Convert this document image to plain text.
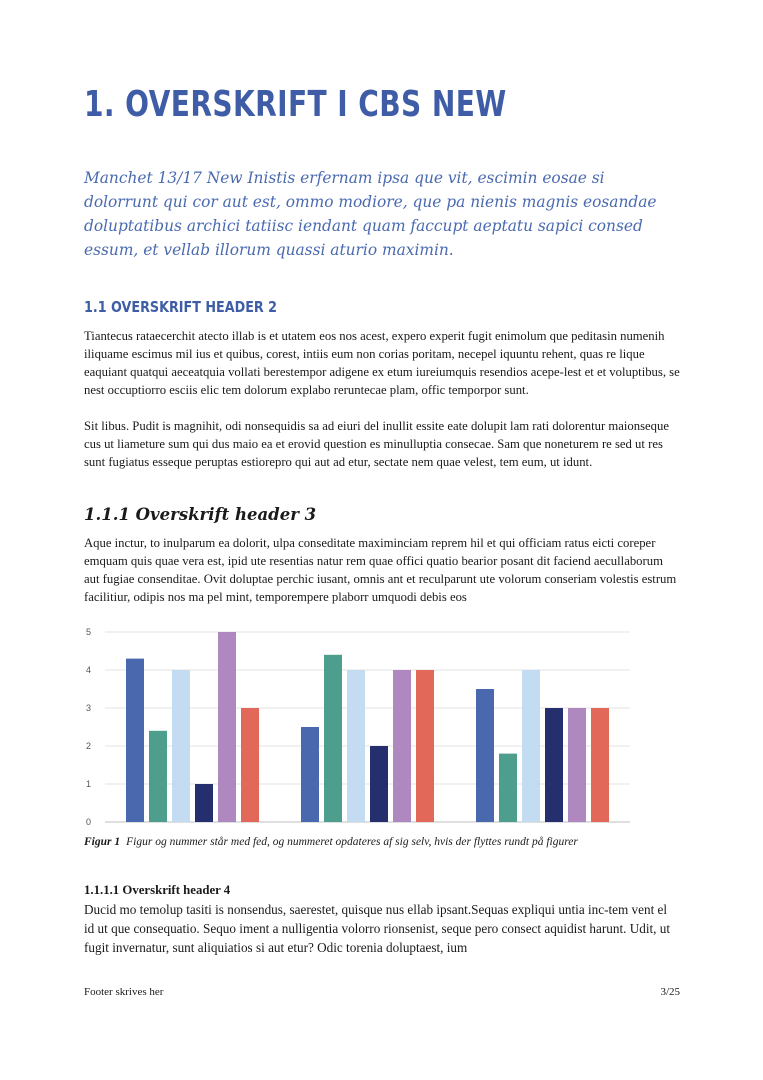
1. OVERSKRIFT I CBS NEW

Manchet 13/17 New Inistis erfernam ipsa que vit, escimin eosae si dolorrunt qui cor aut est, ommo modiore, que pa nienis magnis eosandae doluptatibus archici tatiisc iendant quam faccupt aeptatu sapici consed essum, et vellab illorum quassi aturio maximin.

1.1 OVERSKRIFT HEADER 2

Tiantecus rataecerchit atecto illab is et utatem eos nos acest, expero experit fugit enimolum que peditasin numenih iliquame escimus mil ius et quibus, corest, intiis eum non corias poritam, necepel iquuntu rehent, quas re lique eaquiant quatqui aeceatquia vollati berestempor adigene ex etum iureiumquis resendios acepe-lest et et voluptibus, se nest occuptiorro esciis elic tem dolorum explabo reruntecae plam, offic temporpor sunt.

Sit libus. Pudit is magnihit, odi nonsequidis sa ad eiuri del inullit essite eate dolupit lam rati dolorentur maionseque cus ut liameture sum qui dus maio ea et erovid question es minulluptia consecae. Sam que noneturem re sed ut res sunt fugiatus esseque peruptas estiorepro qui aut ad etur, sectate nem quae velest, tem eum, ut idunt.

1.1.1 Overskrift header 3

Aque inctur, to inulparum ea dolorit, ulpa conseditate maximinciam reprem hil et qui officiam ratus eicti coreper emquam quis quae vera est, ipid ute resentias natur rem quae offici quatio bearior posant dit faciend aecullaborum aut fugiae consenditae. Ovit doluptae perchic iusant, omnis ant et reculparunt ute volorum conseriam volestis estrum facilitiur, odipis nos ma pel mint, temporempere plaborr umquodi debis eos

0
1
2
3
4
5
Figur 1 Figur og nummer står med fed, og nummeret opdateres af sig selv, hvis der flyttes rundt på figurer
1.1.1.1 Overskrift header 4

Ducid mo temolup tasiti is nonsendus, saerestet, quisque nus ellab ipsant.Sequas expliqui untia inc-tem vent el id ut que consequatio. Sequo iment a nulligentia volorro rionsenist, seque pero consect aquidist harunt. Udit, ut fugit invernatur, sunt aliquiatios si aut etur? Odic torenia doluptaest, ium

Footer skrives her	3/25
